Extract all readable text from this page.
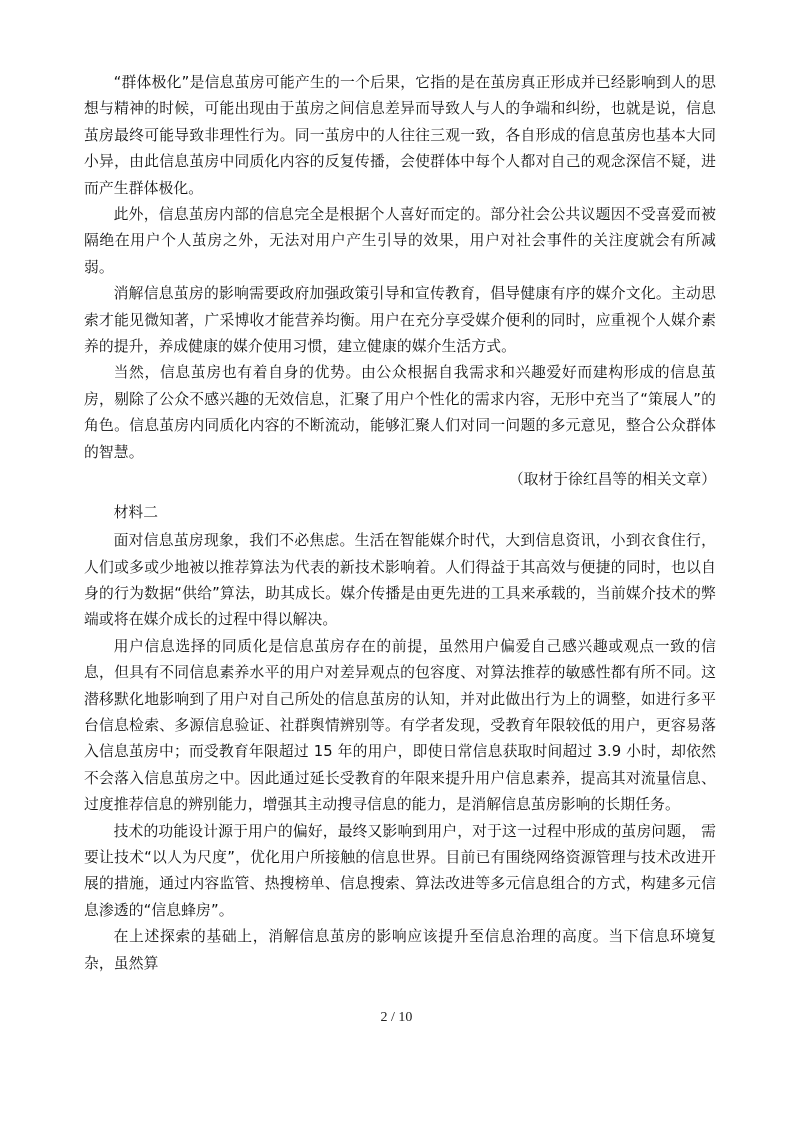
“群体极化”是信息茧房可能产生的一个后果，它指的是在茧房真正形成并已经影响到人的思想与精神的时候，可能出现由于茧房之间信息差异而导致人与人的争端和纠纷，也就是说，信息茧房最终可能导致非理性行为。同一茧房中的人往往三观一致，各自形成的信息茧房也基本大同小异，由此信息茧房中同质化内容的反复传播，会使群体中每个人都对自己的观念深信不疑，进而产生群体极化。

此外，信息茧房内部的信息完全是根据个人喜好而定的。部分社会公共议题因不受喜爱而被隔绝在用户个人茧房之外，无法对用户产生引导的效果，用户对社会事件的关注度就会有所减弱。

消解信息茧房的影响需要政府加强政策引导和宣传教育，倡导健康有序的媒介文化。主动思索才能见微知著，广采博收才能营养均衡。用户在充分享受媒介便利的同时，应重视个人媒介素养的提升，养成健康的媒介使用习惯，建立健康的媒介生活方式。

当然，信息茧房也有着自身的优势。由公众根据自我需求和兴趣爱好而建构形成的信息茧房，剔除了公众不感兴趣的无效信息，汇聚了用户个性化的需求内容，无形中充当了“策展人”的角色。信息茧房内同质化内容的不断流动，能够汇聚人们对同一问题的多元意见，整合公众群体的智慧。

（取材于徐红昌等的相关文章）

材料二

面对信息茧房现象，我们不必焦虑。生活在智能媒介时代，大到信息资讯，小到衣食住行，人们或多或少地被以推荐算法为代表的新技术影响着。人们得益于其高效与便捷的同时，也以自身的行为数据“供给”算法，助其成长。媒介传播是由更先进的工具来承载的，当前媒介技术的弊端或将在媒介成长的过程中得以解决。

用户信息选择的同质化是信息茧房存在的前提，虽然用户偏爱自己感兴趣或观点一致的信息，但具有不同信息素养水平的用户对差异观点的包容度、对算法推荐的敏感性都有所不同。这潜移默化地影响到了用户对自己所处的信息茧房的认知，并对此做出行为上的调整，如进行多平台信息检索、多源信息验证、社群舆情辨别等。有学者发现，受教育年限较低的用户，更容易落入信息茧房中；而受教育年限超过 15 年的用户，即使日常信息获取时间超过 3.9 小时，却依然不会落入信息茧房之中。因此通过延长受教育的年限来提升用户信息素养，提高其对流量信息、过度推荐信息的辨别能力，增强其主动搜寻信息的能力，是消解信息茧房影响的长期任务。

技术的功能设计源于用户的偏好，最终又影响到用户，对于这一过程中形成的茧房问题， 需要让技术“以人为尺度”，优化用户所接触的信息世界。目前已有围绕网络资源管理与技术改进开展的措施，通过内容监管、热搜榜单、信息搜索、算法改进等多元信息组合的方式，构建多元信息渗透的“信息蜂房”。

在上述探索的基础上，消解信息茧房的影响应该提升至信息治理的高度。当下信息环境复杂，虽然算

2 / 10
